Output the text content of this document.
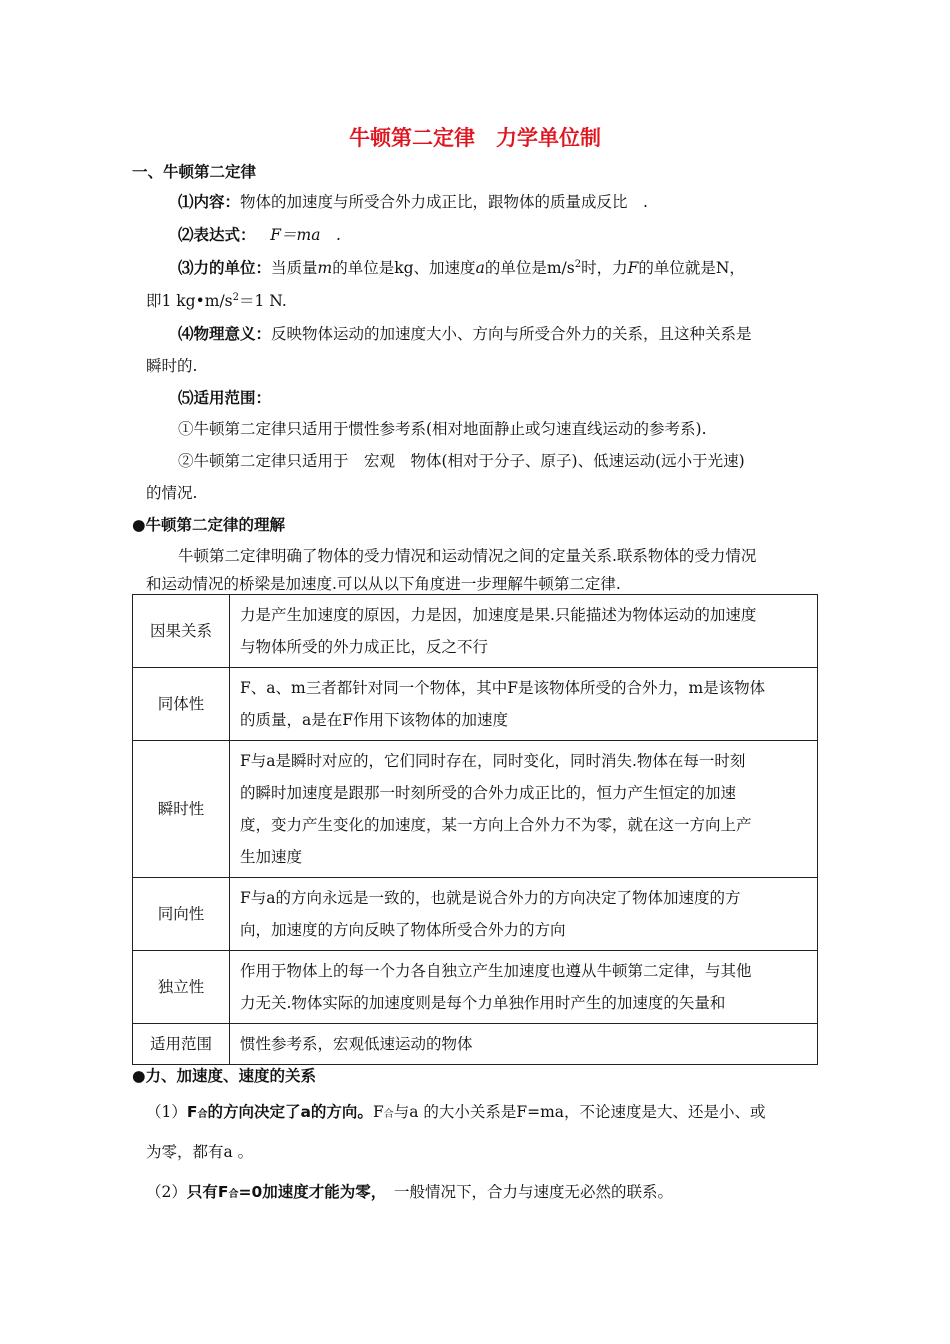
牛顿第二定律　力学单位制
一、牛顿第二定律
⑴内容：物体的加速度与所受合外力成正比，跟物体的质量成反比　.
⑵表达式： F＝ma　.
⑶力的单位：当质量m的单位是kg、加速度a的单位是$m/s^2$时，力F的单位就是N，
即1 $kg•m/s^2=1$ N.
⑷物理意义：反映物体运动的加速度大小、方向与所受合外力的关系，且这种关系是
瞬时的.
⑸适用范围：
①牛顿第二定律只适用于惯性参考系(相对地面静止或匀速直线运动的参考系).
②牛顿第二定律只适用于　宏观　物体(相对于分子、原子)、低速运动(远小于光速)
的情况.
●牛顿第二定律的理解
牛顿第二定律明确了物体的受力情况和运动情况之间的定量关系.联系物体的受力情况
和运动情况的桥梁是加速度.可以从以下角度进一步理解牛顿第二定律.
因果关系	力是产生加速度的原因，力是因，加速度是果.只能描述为物体运动的加速度
与物体所受的外力成正比，反之不行

同体性	F、a、m三者都针对同一个物体，其中F是该物体所受的合外力，m是该物体
的质量，a是在F作用下该物体的加速度

瞬时性	F与a是瞬时对应的，它们同时存在，同时变化，同时消失.物体在每一时刻
的瞬时加速度是跟那一时刻所受的合外力成正比的，恒力产生恒定的加速
度，变力产生变化的加速度，某一方向上合外力不为零，就在这一方向上产
生加速度

同向性	F与a的方向永远是一致的，也就是说合外力的方向决定了物体加速度的方
向，加速度的方向反映了物体所受合外力的方向

独立性	作用于物体上的每一个力各自独立产生加速度也遵从牛顿第二定律，与其他
力无关.物体实际的加速度则是每个力单独作用时产生的加速度的矢量和

适用范围	惯性参考系，宏观低速运动的物体
●力、加速度、速度的关系
（1）F合的方向决定了a的方向。F合与a 的大小关系是F=ma，不论速度是大、还是小、或
为零，都有a 。
（2）只有F合=0加速度才能为零，　一般情况下，合力与速度无必然的联系。
